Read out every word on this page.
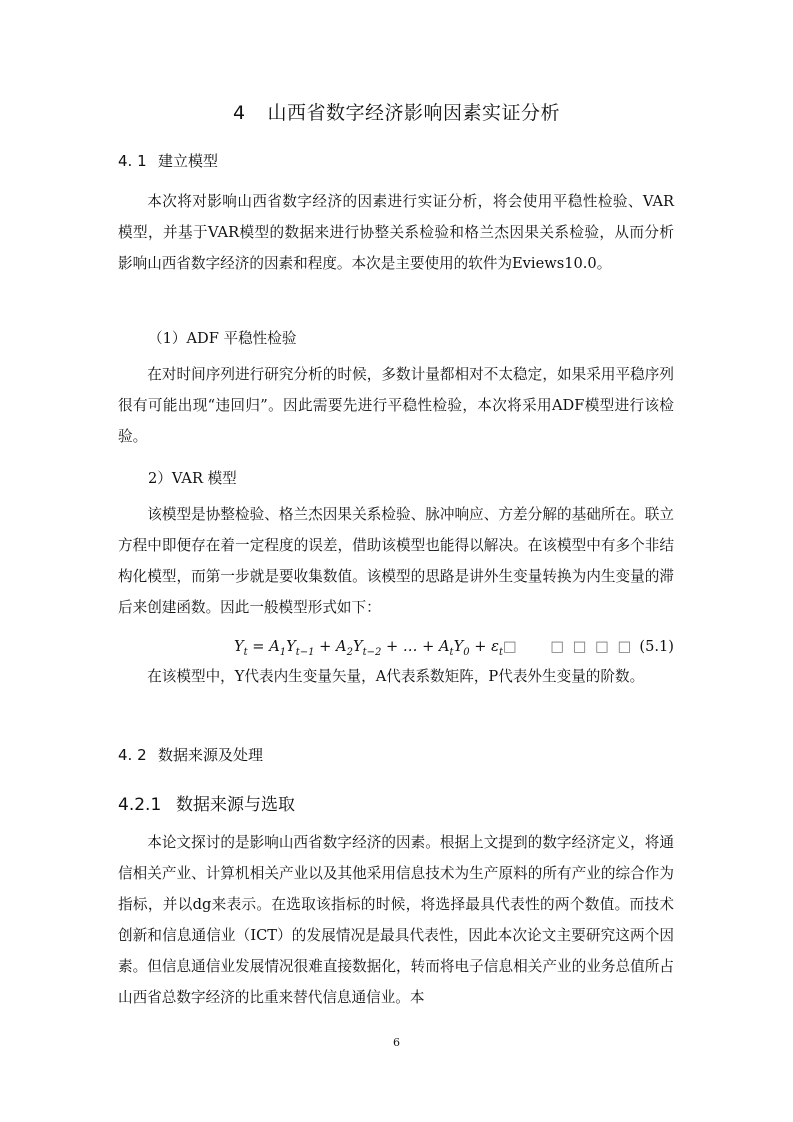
4 山西省数字经济影响因素实证分析
4. 1 建立模型

本次将对影响山西省数字经济的因素进行实证分析，将会使用平稳性检验、VAR模型，并基于VAR模型的数据来进行协整关系检验和格兰杰因果关系检验，从而分析影响山西省数字经济的因素和程度。本次是主要使用的软件为Eviews10.0。

（1）ADF 平稳性检验

在对时间序列进行研究分析的时候，多数计量都相对不太稳定，如果采用平稳序列很有可能出现“违回归”。因此需要先进行平稳性检验，本次将采用ADF模型进行该检验。

2）VAR 模型

该模型是协整检验、格兰杰因果关系检验、脉冲响应、方差分解的基础所在。联立方程中即便存在着一定程度的误差，借助该模型也能得以解决。在该模型中有多个非结构化模型，而第一步就是要收集数值。该模型的思路是讲外生变量转换为内生变量的滞后来创建函数。因此一般模型形式如下：

$Y_t = A_1Y_{t-1} + A_2Y_{t-2}$ + … + $A_tY_0$ + $\varepsilon_t□$ □ □ □ □ (5.1)

在该模型中，Y代表内生变量矢量，A代表系数矩阵，P代表外生变量的阶数。

4. 2 数据来源及处理
4.2.1 数据来源与选取

本论文探讨的是影响山西省数字经济的因素。根据上文提到的数字经济定义，将通信相关产业、计算机相关产业以及其他采用信息技术为生产原料的所有产业的综合作为指标，并以dg来表示。在选取该指标的时候，将选择最具代表性的两个数值。而技术创新和信息通信业（ICT）的发展情况是最具代表性，因此本次论文主要研究这两个因素。但信息通信业发展情况很难直接数据化，转而将电子信息相关产业的业务总值所占山西省总数字经济的比重来替代信息通信业。本

6
